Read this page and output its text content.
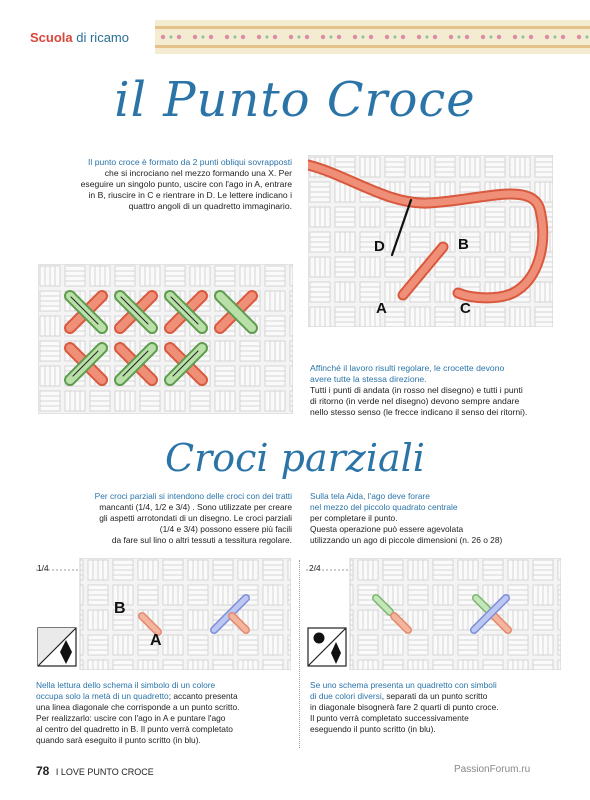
Scuola di ricamo
il Punto Croce

Il punto croce è formato da 2 punti obliqui sovrapposti

che si incrociano nel mezzo formando una X. Per

eseguire un singolo punto, uscire con l'ago in A, entrare

in B, riuscire in C e rientrare in D. Le lettere indicano i

quattro angoli di un quadretto immaginario.

D	B
A	C

Affinché il lavoro risulti regolare, le crocette devono

avere tutte la stessa direzione.

Tutti i punti di andata (in rosso nel disegno) e tutti i punti

di ritorno (in verde nel disegno) devono sempre andare

nello stesso senso (le frecce indicano il senso dei ritorni).

Croci parziali

Per croci parziali si intendono delle croci con dei tratti

mancanti (1/4, 1/2 e 3/4) . Sono utilizzate per creare

gli aspetti arrotondati di un disegno. Le croci parziali

(1/4 e 3/4) possono essere più facili

da fare sul lino o altri tessuti a tessitura regolare.

Sulla tela Aida, l'ago deve forare

nel mezzo del piccolo quadrato centrale

per completare il punto.

Questa operazione può essere agevolata

utilizzando un ago di piccole dimensioni (n. 26 o 28)

1/4
B
A
2/4

Nella lettura dello schema il simbolo di un colore

occupa solo la metà di un quadretto; accanto presenta

una linea diagonale che corrisponde a un punto scritto.

Per realizzarlo: uscire con l'ago in A e puntare l'ago

al centro del quadretto in B. Il punto verrà completato

quando sarà eseguito il punto scritto (in blu).

Se uno schema presenta un quadretto con simboli

di due colori diversi, separati da un punto scritto

in diagonale bisognerà fare 2 quarti di punto croce.

Il punto verrà completato successivamente

eseguendo il punto scritto (in blu).

78 I LOVE PUNTO CROCE	PassionForum.ru
